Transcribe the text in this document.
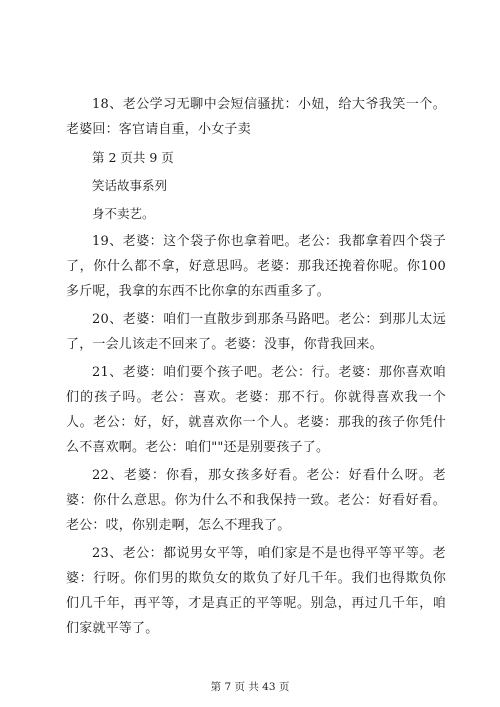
18、老公学习无聊中会短信骚扰：小妞，给大爷我笑一个。老婆回：客官请自重，小女子卖

第 2 页共 9 页

笑话故事系列

身不卖艺。

19、老婆：这个袋子你也拿着吧。老公：我都拿着四个袋子了，你什么都不拿，好意思吗。老婆：那我还挽着你呢。你100多斤呢，我拿的东西不比你拿的东西重多了。

20、老婆：咱们一直散步到那条马路吧。老公：到那儿太远了，一会儿该走不回来了。老婆：没事，你背我回来。

21、老婆：咱们要个孩子吧。老公：行。老婆：那你喜欢咱们的孩子吗。老公：喜欢。老婆：那不行。你就得喜欢我一个人。老公：好，好，就喜欢你一个人。老婆：那我的孩子你凭什么不喜欢啊。老公：咱们""还是别要孩子了。

22、老婆：你看，那女孩多好看。老公：好看什么呀。老婆：你什么意思。你为什么不和我保持一致。老公：好看好看。老公：哎，你别走啊，怎么不理我了。

23、老公：都说男女平等，咱们家是不是也得平等平等。老婆：行呀。你们男的欺负女的欺负了好几千年。我们也得欺负你们几千年，再平等，才是真正的平等呢。别急，再过几千年，咱们家就平等了。

第 7 页 共 43 页
